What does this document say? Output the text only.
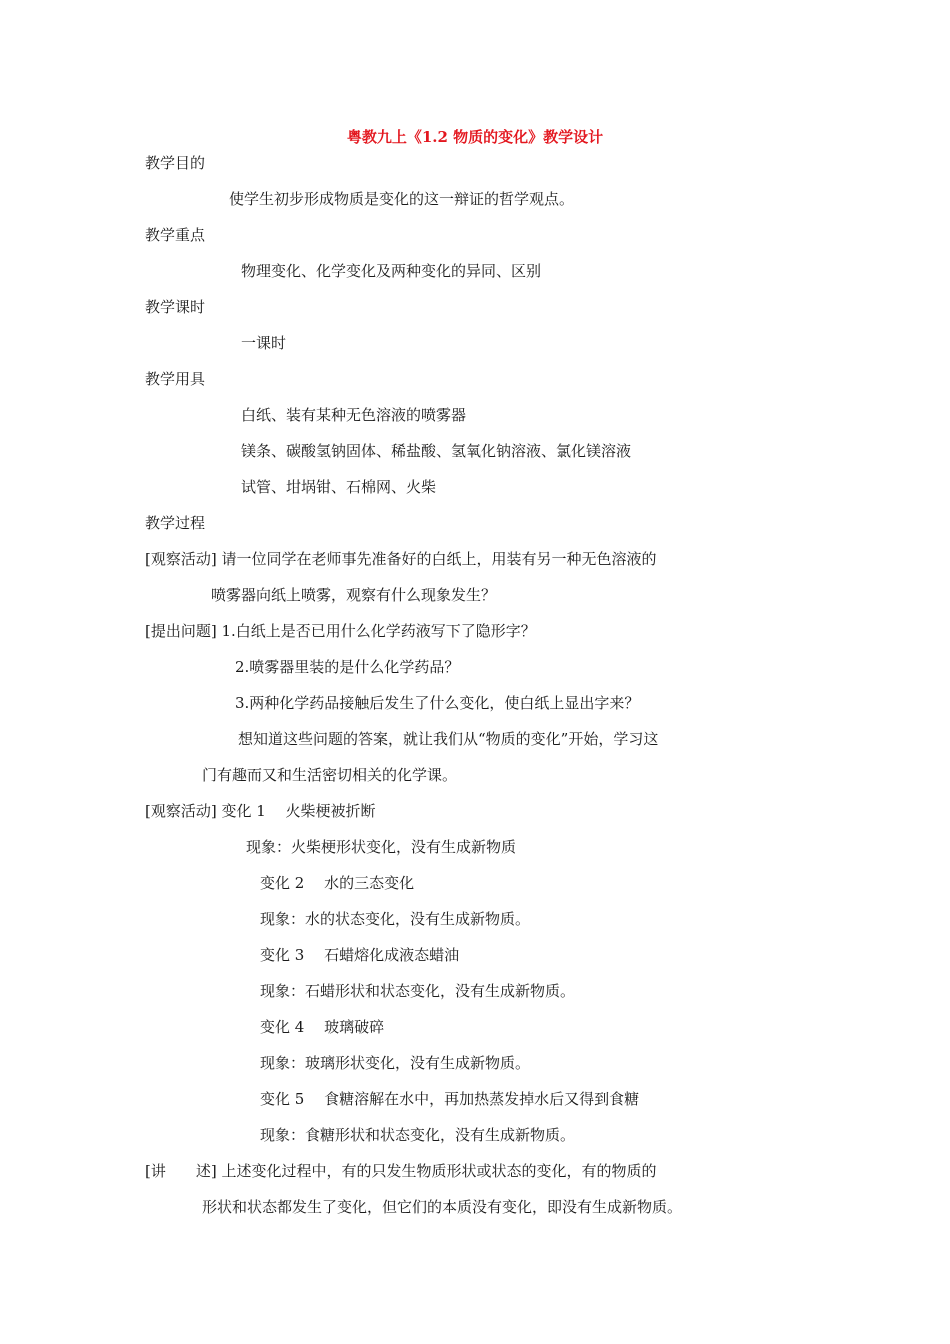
粤教九上《1.2 物质的变化》教学设计
教学目的
使学生初步形成物质是变化的这一辩证的哲学观点。
教学重点
物理变化、化学变化及两种变化的异同、区别
教学课时
一课时
教学用具
白纸、装有某种无色溶液的喷雾器
镁条、碳酸氢钠固体、稀盐酸、氢氧化钠溶液、氯化镁溶液
试管、坩埚钳、石棉网、火柴
教学过程
[观察活动] 请一位同学在老师事先准备好的白纸上，用装有另一种无色溶液的
喷雾器向纸上喷雾，观察有什么现象发生？
[提出问题] 1.白纸上是否已用什么化学药液写下了隐形字？
2.喷雾器里装的是什么化学药品？
3.两种化学药品接触后发生了什么变化，使白纸上显出字来？
想知道这些问题的答案，就让我们从“物质的变化”开始，学习这
门有趣而又和生活密切相关的化学课。
[观察活动] 变化 1　 火柴梗被折断
现象：火柴梗形状变化，没有生成新物质
变化 2　 水的三态变化
现象：水的状态变化，没有生成新物质。
变化 3　 石蜡熔化成液态蜡油
现象：石蜡形状和状态变化，没有生成新物质。
变化 4　 玻璃破碎
现象：玻璃形状变化，没有生成新物质。
变化 5　 食糖溶解在水中，再加热蒸发掉水后又得到食糖
现象：食糖形状和状态变化，没有生成新物质。
[讲　　述] 上述变化过程中，有的只发生物质形状或状态的变化，有的物质的
形状和状态都发生了变化，但它们的本质没有变化，即没有生成新物质。
